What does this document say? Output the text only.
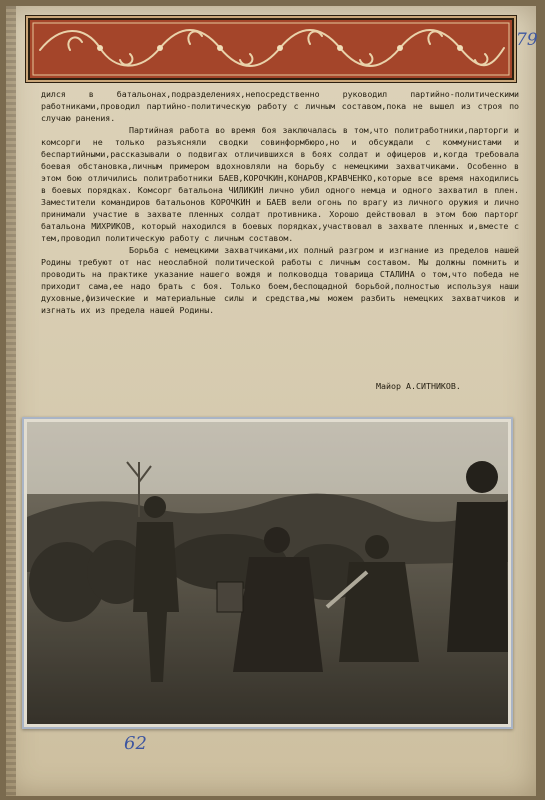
79

дился в батальонах,подразделениях,непосредственно руководил партийно-политическими работниками,проводил партийно-политическую работу с личным составом,пока не вышел из строя по случаю ранения.

Партийная работа во время боя заключалась в том,что политработники,парторги и комсорги не только разъясняли сводки совинформбюро,но и обсуждали с коммунистами и беспартийными,рассказывали о подвигах отличившихся в боях солдат и офицеров и,когда требовала боевая обстановка,личным примером вдохновляли на борьбу с немецкими захватчиками. Особенно в этом бою отличились политработники БАЕВ,КОРОЧКИН,КОНАРОВ,КРАВЧЕНКО,которые все время находились в боевых порядках. Комсорг батальона ЧИЛИКИН лично убил одного немца и одного захватил в плен. Заместители командиров батальонов КОРОЧКИН и БАЕВ вели огонь по врагу из личного оружия и лично принимали участие в захвате пленных солдат противника. Хорошо действовал в этом бою парторг батальона МИХРИКОВ, который находился в боевых порядках,участвовал в захвате пленных и,вместе с тем,проводил политическую работу с личным составом.

Борьба с немецкими захватчиками,их полный разгром и изгнание из пределов нашей Родины требуют от нас неослабной политической работы с личным составом. Мы должны помнить и проводить на практике указание нашего вождя и полководца товарища СТАЛИНА о том,что победа не приходит сама,ее надо брать с боя. Только боем,беспощадной борьбой,полностью используя наши духовные,физические и материальные силы и средства,мы можем разбить немецких захватчиков и изгнать их из предела нашей Родины.

Майор А.СИТНИКОВ.
62
